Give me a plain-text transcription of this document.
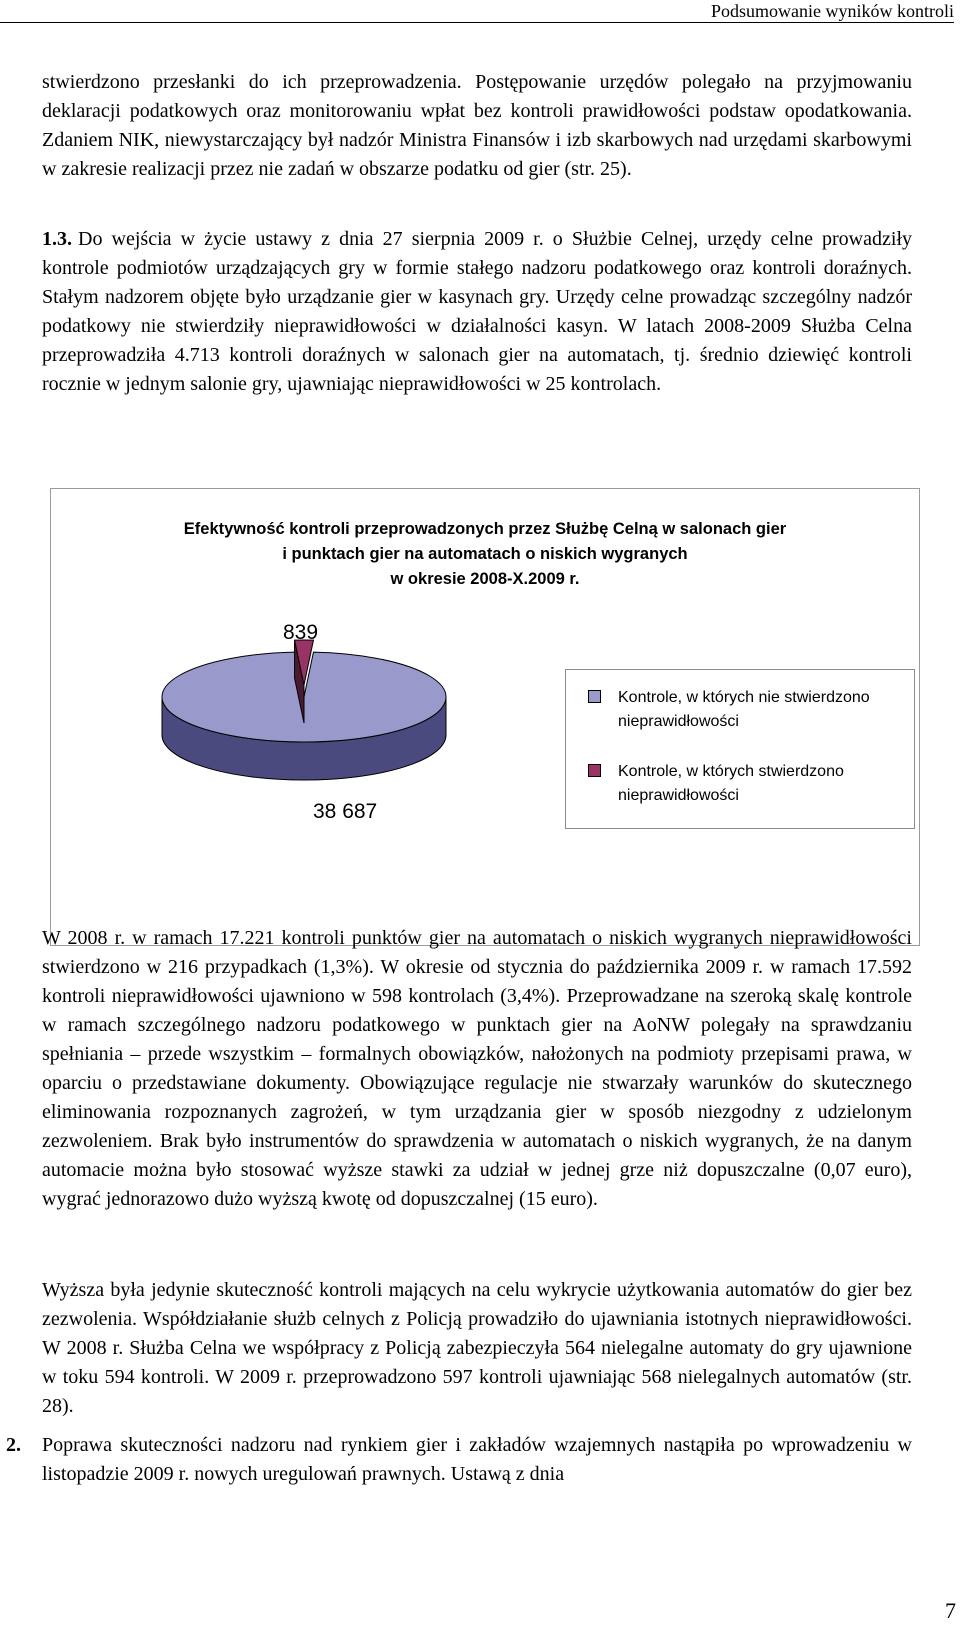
Podsumowanie wyników kontroli

stwierdzono przesłanki do ich przeprowadzenia. Postępowanie urzędów polegało na przyjmowaniu deklaracji podatkowych oraz monitorowaniu wpłat bez kontroli prawidłowości podstaw opodatkowania. Zdaniem NIK, niewystarczający był nadzór Ministra Finansów i izb skarbowych nad urzędami skarbowymi w zakresie realizacji przez nie zadań w obszarze podatku od gier (str. 25).

1.3. Do wejścia w życie ustawy z dnia 27 sierpnia 2009 r. o Służbie Celnej, urzędy celne prowadziły kontrole podmiotów urządzających gry w formie stałego nadzoru podatkowego oraz kontroli doraźnych. Stałym nadzorem objęte było urządzanie gier w kasynach gry. Urzędy celne prowadząc szczególny nadzór podatkowy nie stwierdziły nieprawidłowości w działalności kasyn. W latach 2008-2009 Służba Celna przeprowadziła 4.713 kontroli doraźnych w salonach gier na automatach, tj. średnio dziewięć kontroli rocznie w jednym salonie gry, ujawniając nieprawidłowości w 25 kontrolach.

Efektywność kontroli przeprowadzonych przez Służbę Celną w salonach gier
i punktach gier na automatach o niskich wygranych
w okresie 2008-X.2009 r.
839
38 687
Kontrole, w których nie stwierdzono nieprawidłowości
Kontrole, w których stwierdzono nieprawidłowości

W 2008 r. w ramach 17.221 kontroli punktów gier na automatach o niskich wygranych nieprawidłowości stwierdzono w 216 przypadkach (1,3%). W okresie od stycznia do października 2009 r. w ramach 17.592 kontroli nieprawidłowości ujawniono w 598 kontrolach (3,4%). Przeprowadzane na szeroką skalę kontrole w ramach szczególnego nadzoru podatkowego w punktach gier na AoNW polegały na sprawdzaniu spełniania – przede wszystkim – formalnych obowiązków, nałożonych na podmioty przepisami prawa, w oparciu o przedstawiane dokumenty. Obowiązujące regulacje nie stwarzały warunków do skutecznego eliminowania rozpoznanych zagrożeń, w tym urządzania gier w sposób niezgodny z udzielonym zezwoleniem. Brak było instrumentów do sprawdzenia w automatach o niskich wygranych, że na danym automacie można było stosować wyższe stawki za udział w jednej grze niż dopuszczalne (0,07 euro), wygrać jednorazowo dużo wyższą kwotę od dopuszczalnej (15 euro).

Wyższa była jedynie skuteczność kontroli mających na celu wykrycie użytkowania automatów do gier bez zezwolenia. Współdziałanie służb celnych z Policją prowadziło do ujawniania istotnych nieprawidłowości. W 2008 r. Służba Celna we współpracy z Policją zabezpieczyła 564 nielegalne automaty do gry ujawnione w toku 594 kontroli. W 2009 r. przeprowadzono 597 kontroli ujawniając 568 nielegalnych automatów (str. 28).

2. Poprawa skuteczności nadzoru nad rynkiem gier i zakładów wzajemnych nastąpiła po wprowadzeniu w listopadzie 2009 r. nowych uregulowań prawnych. Ustawą z dnia

7
